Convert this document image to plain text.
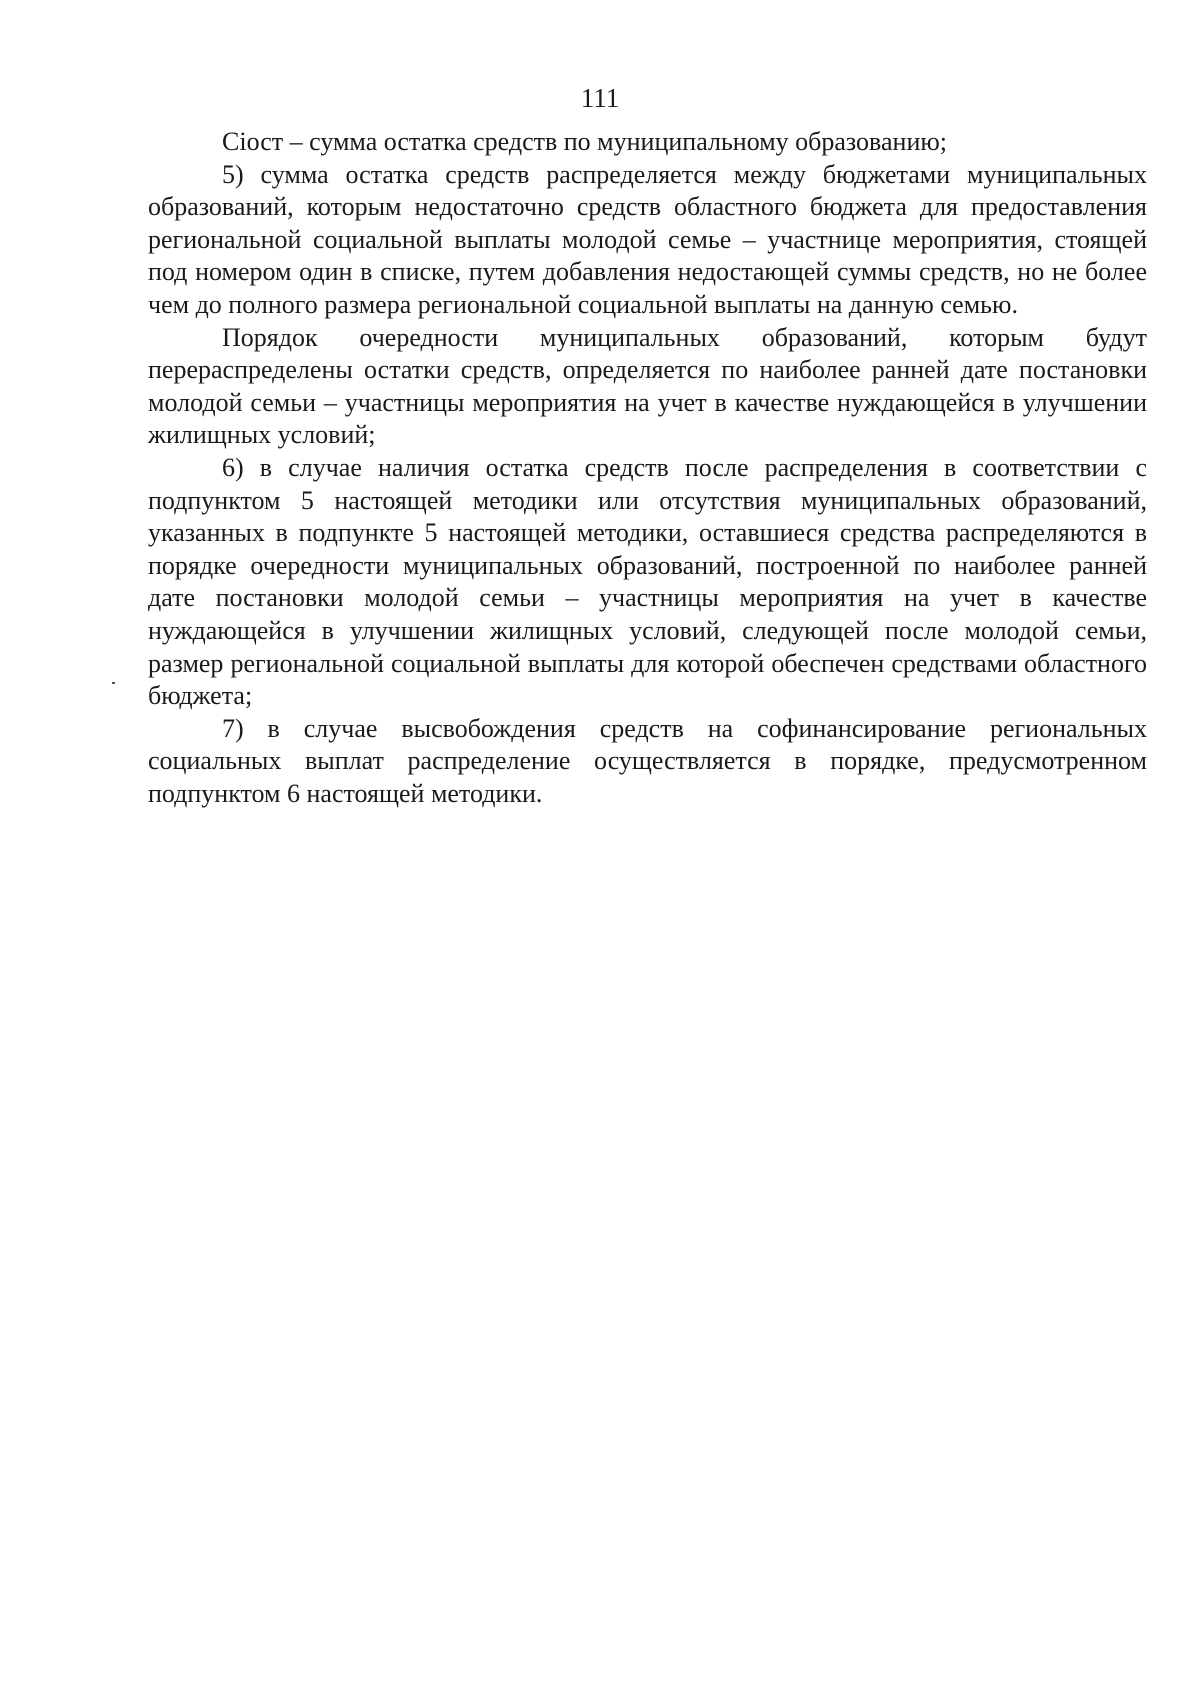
111

Сiост – сумма остатка средств по муниципальному образованию;

5) сумма остатка средств распределяется между бюджетами муниципальных образований, которым недостаточно средств областного бюджета для предоставления региональной социальной выплаты молодой семье – участнице мероприятия, стоящей под номером один в списке, путем добавления недостающей суммы средств, но не более чем до полного размера региональной социальной выплаты на данную семью.

Порядок очередности муниципальных образований, которым будут перераспределены остатки средств, определяется по наиболее ранней дате постановки молодой семьи – участницы мероприятия на учет в качестве нуждающейся в улучшении жилищных условий;

6) в случае наличия остатка средств после распределения в соответствии с подпунктом 5 настоящей методики или отсутствия муниципальных образований, указанных в подпункте 5 настоящей методики, оставшиеся средства распределяются в порядке очередности муниципальных образований, построенной по наиболее ранней дате постановки молодой семьи – участницы мероприятия на учет в качестве нуждающейся в улучшении жилищных условий, следующей после молодой семьи, размер региональной социальной выплаты для которой обеспечен средствами областного бюджета;

7) в случае высвобождения средств на софинансирование региональных социальных выплат распределение осуществляется в порядке, предусмотренном подпунктом 6 настоящей методики.
